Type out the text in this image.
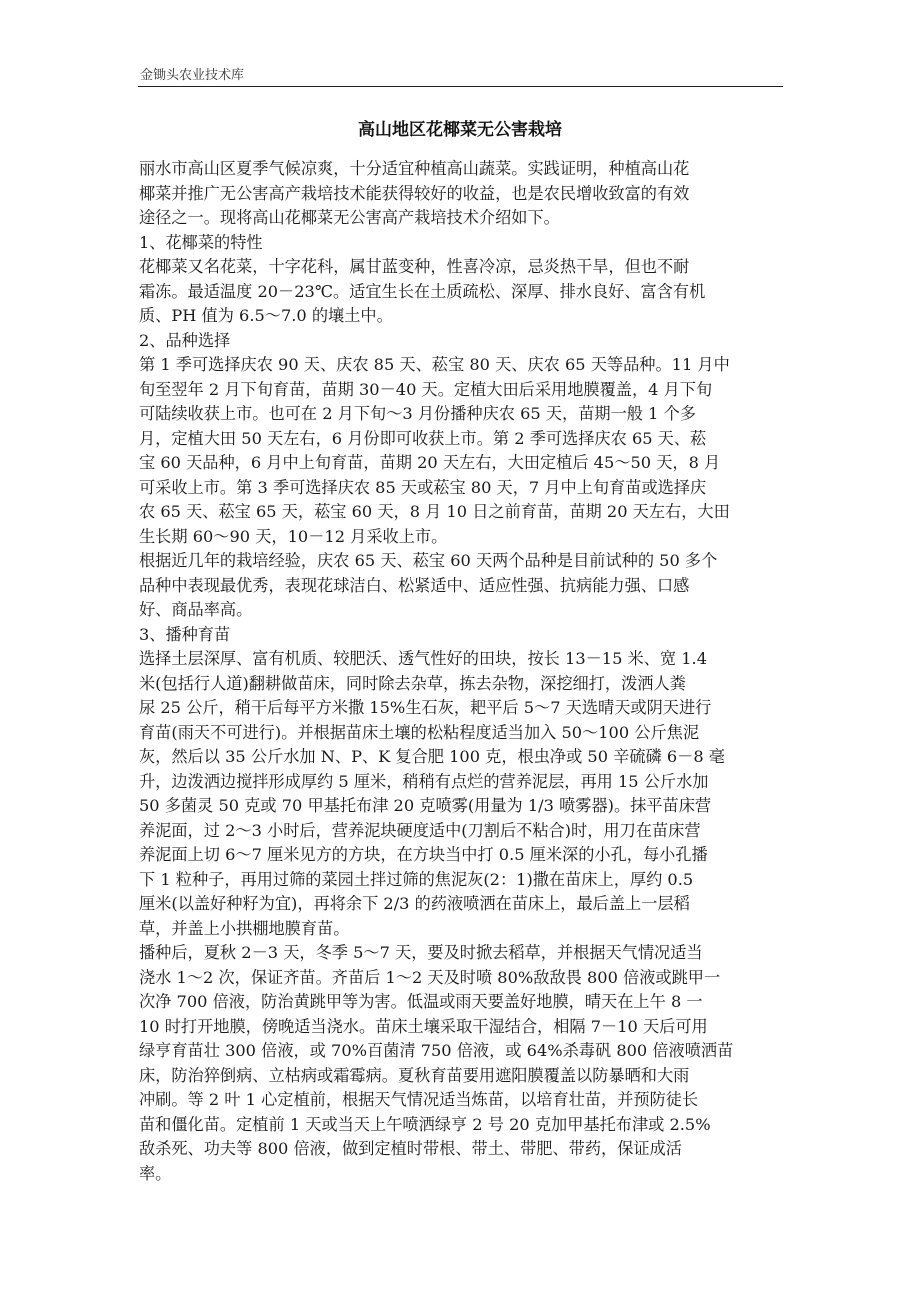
金锄头农业技术库
高山地区花椰菜无公害栽培
丽水市高山区夏季气候凉爽，十分适宜种植高山蔬菜。实践证明，种植高山花
椰菜并推广无公害高产栽培技术能获得较好的收益，也是农民增收致富的有效
途径之一。现将高山花椰菜无公害高产栽培技术介绍如下。
1、花椰菜的特性
花椰菜又名花菜，十字花科，属甘蓝变种，性喜冷凉，忌炎热干旱，但也不耐
霜冻。最适温度 20－23℃。适宜生长在土质疏松、深厚、排水良好、富含有机
质、PH 值为 6.5～7.0 的壤土中。
2、品种选择
第 1 季可选择庆农 90 天、庆农 85 天、菘宝 80 天、庆农 65 天等品种。11 月中
旬至翌年 2 月下旬育苗，苗期 30－40 天。定植大田后采用地膜覆盖，4 月下旬
可陆续收获上市。也可在 2 月下旬～3 月份播种庆农 65 天，苗期一般 1 个多
月，定植大田 50 天左右，6 月份即可收获上市。第 2 季可选择庆农 65 天、菘
宝 60 天品种，6 月中上旬育苗，苗期 20 天左右，大田定植后 45～50 天，8 月
可采收上市。第 3 季可选择庆农 85 天或菘宝 80 天，7 月中上旬育苗或选择庆
农 65 天、菘宝 65 天，菘宝 60 天，8 月 10 日之前育苗，苗期 20 天左右，大田
生长期 60～90 天，10－12 月采收上市。
根据近几年的栽培经验，庆农 65 天、菘宝 60 天两个品种是目前试种的 50 多个
品种中表现最优秀，表现花球洁白、松紧适中、适应性强、抗病能力强、口感
好、商品率高。
3、播种育苗
选择土层深厚、富有机质、较肥沃、透气性好的田块，按长 13－15 米、宽 1.4
米(包括行人道)翻耕做苗床，同时除去杂草，拣去杂物，深挖细打，泼洒人粪
尿 25 公斤，稍干后每平方米撒 15%生石灰，耙平后 5～7 天选晴天或阴天进行
育苗(雨天不可进行)。并根据苗床土壤的松粘程度适当加入 50～100 公斤焦泥
灰，然后以 35 公斤水加 N、P、K 复合肥 100 克，根虫净或 50 辛硫磷 6－8 毫
升，边泼洒边搅拌形成厚约 5 厘米，稍稍有点烂的营养泥层，再用 15 公斤水加
50 多菌灵 50 克或 70 甲基托布津 20 克喷雾(用量为 1/3 喷雾器)。抹平苗床营
养泥面，过 2～3 小时后，营养泥块硬度适中(刀割后不粘合)时，用刀在苗床营
养泥面上切 6～7 厘米见方的方块，在方块当中打 0.5 厘米深的小孔，每小孔播
下 1 粒种子，再用过筛的菜园土拌过筛的焦泥灰(2：1)撒在苗床上，厚约 0.5
厘米(以盖好种籽为宜)，再将余下 2/3 的药液喷洒在苗床上，最后盖上一层稻
草，并盖上小拱棚地膜育苗。
播种后，夏秋 2－3 天，冬季 5～7 天，要及时掀去稻草，并根据天气情况适当
浇水 1～2 次，保证齐苗。齐苗后 1～2 天及时喷 80%敌敌畏 800 倍液或跳甲一
次净 700 倍液，防治黄跳甲等为害。低温或雨天要盖好地膜，晴天在上午 8 一
10 时打开地膜，傍晚适当浇水。苗床土壤采取干湿结合，相隔 7－10 天后可用
绿亨育苗壮 300 倍液，或 70%百菌清 750 倍液，或 64%杀毒矾 800 倍液喷洒苗
床，防治猝倒病、立枯病或霜霉病。夏秋育苗要用遮阳膜覆盖以防暴晒和大雨
冲刷。等 2 叶 1 心定植前，根据天气情况适当炼苗，以培育壮苗，并预防徒长
苗和僵化苗。定植前 1 天或当天上午喷洒绿亨 2 号 20 克加甲基托布津或 2.5%
敌杀死、功夫等 800 倍液，做到定植时带根、带土、带肥、带药，保证成活
率。
